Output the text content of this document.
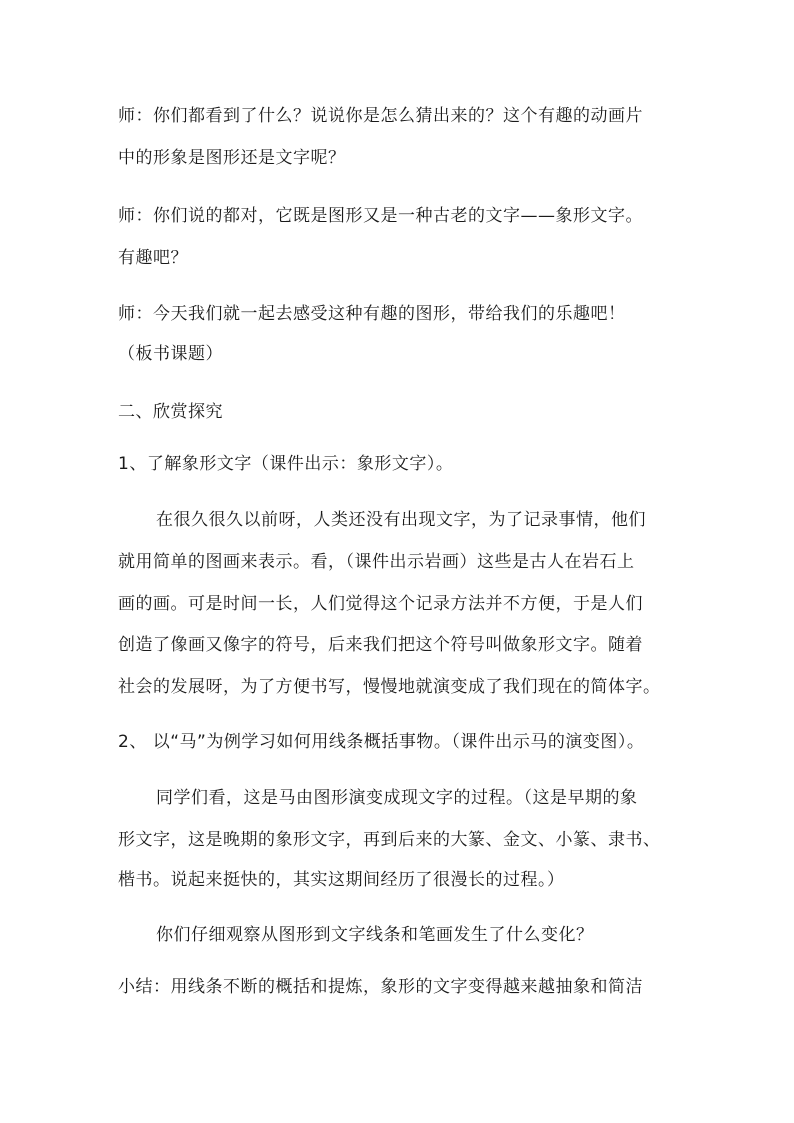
师：你们都看到了什么？说说你是怎么猜出来的？这个有趣的动画片
中的形象是图形还是文字呢？
师：你们说的都对，它既是图形又是一种古老的文字——象形文字。
有趣吧？
师：今天我们就一起去感受这种有趣的图形，带给我们的乐趣吧！
（板书课题）
二、欣赏探究
1、了解象形文字（课件出示：象形文字）。
在很久很久以前呀，人类还没有出现文字，为了记录事情，他们
就用简单的图画来表示。看，（课件出示岩画）这些是古人在岩石上
画的画。可是时间一长，人们觉得这个记录方法并不方便，于是人们
创造了像画又像字的符号，后来我们把这个符号叫做象形文字。随着
社会的发展呀，为了方便书写，慢慢地就演变成了我们现在的简体字。
2、 以“马”为例学习如何用线条概括事物。（课件出示马的演变图）。
同学们看，这是马由图形演变成现文字的过程。（这是早期的象
形文字，这是晚期的象形文字，再到后来的大篆、金文、小篆、隶书、
楷书。说起来挺快的，其实这期间经历了很漫长的过程。）
你们仔细观察从图形到文字线条和笔画发生了什么变化？
小结：用线条不断的概括和提炼，象形的文字变得越来越抽象和简洁
